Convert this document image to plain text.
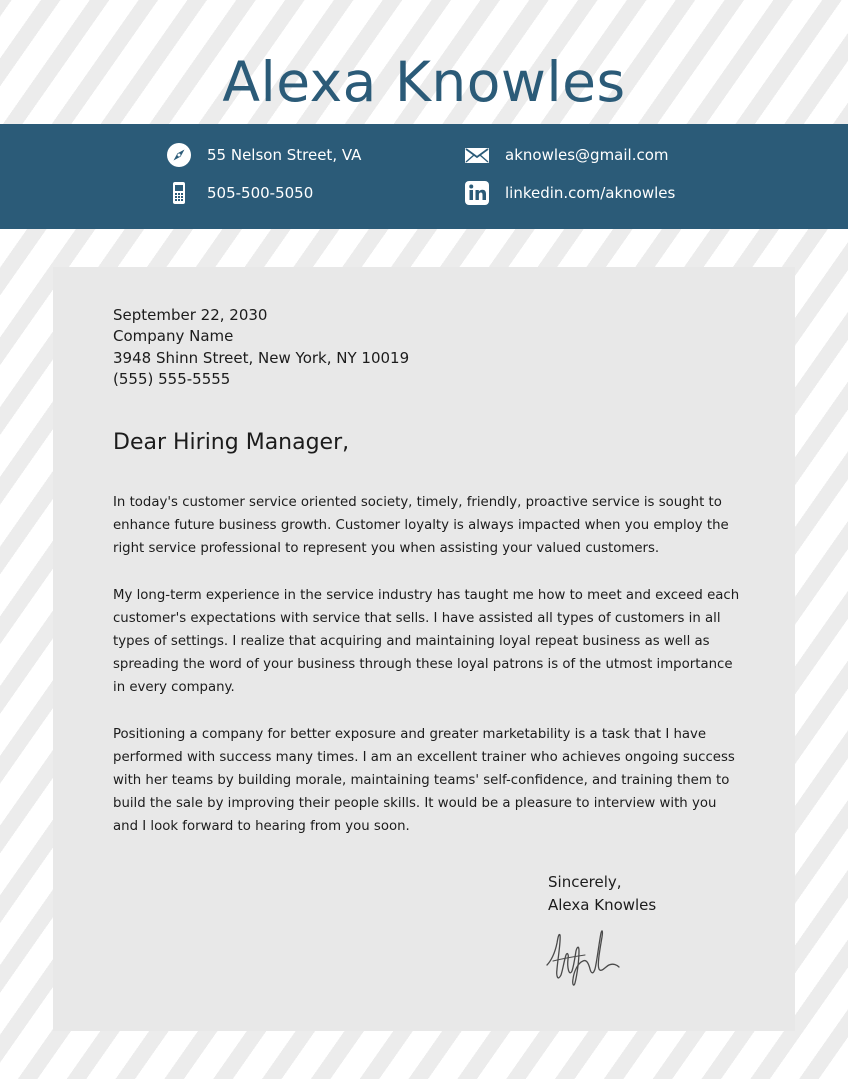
Alexa Knowles
55 Nelson Street, VA
505-500-5050
aknowles@gmail.com
linkedin.com/aknowles
September 22, 2030
Company Name
3948 Shinn Street, New York, NY 10019
(555) 555-5555
Dear Hiring Manager,

In today's customer service oriented society, timely, friendly, proactive service is sought to enhance future business growth. Customer loyalty is always impacted when you employ the right service professional to represent you when assisting your valued customers.

My long-term experience in the service industry has taught me how to meet and exceed each customer's expectations with service that sells. I have assisted all types of customers in all types of settings. I realize that acquiring and maintaining loyal repeat business as well as spreading the word of your business through these loyal patrons is of the utmost importance in every company.

Positioning a company for better exposure and greater marketability is a task that I have performed with success many times. I am an excellent trainer who achieves ongoing success with her teams by building morale, maintaining teams' self-confidence, and training them to build the sale by improving their people skills. It would be a pleasure to interview with you and I look forward to hearing from you soon.

Sincerely,
Alexa Knowles
